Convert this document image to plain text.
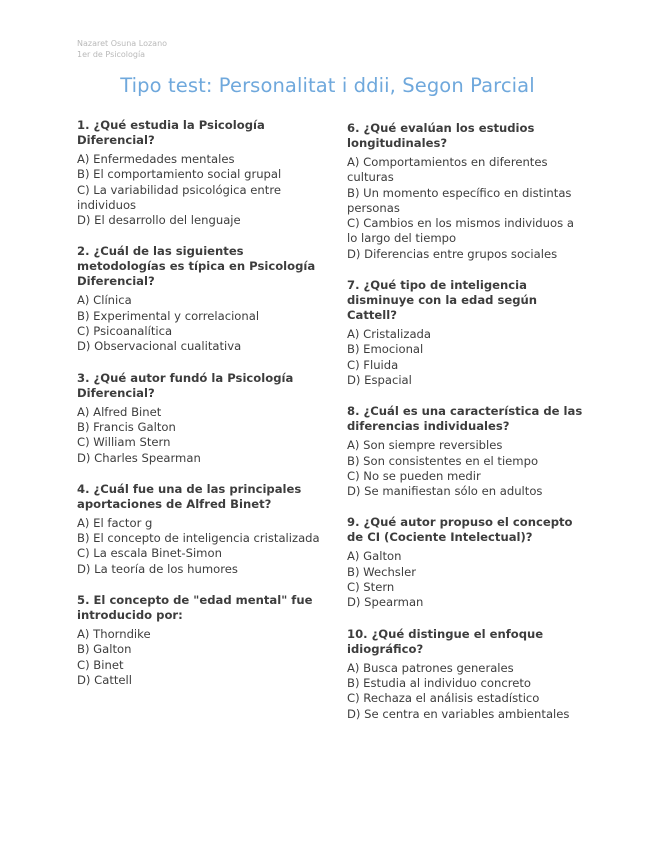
Nazaret Osuna Lozano
1er de Psicología
Tipo test: Personalitat i ddii, Segon Parcial
1. ¿Qué estudia la Psicología Diferencial?
A) Enfermedades mentales
B) El comportamiento social grupal
C) La variabilidad psicológica entre individuos
D) El desarrollo del lenguaje
2. ¿Cuál de las siguientes metodologías es típica en Psicología Diferencial?
A) Clínica
B) Experimental y correlacional
C) Psicoanalítica
D) Observacional cualitativa
3. ¿Qué autor fundó la Psicología Diferencial?
A) Alfred Binet
B) Francis Galton
C) William Stern
D) Charles Spearman
4. ¿Cuál fue una de las principales aportaciones de Alfred Binet?
A) El factor g
B) El concepto de inteligencia cristalizada
C) La escala Binet-Simon
D) La teoría de los humores
5. El concepto de "edad mental" fue introducido por:
A) Thorndike
B) Galton
C) Binet
D) Cattell
6. ¿Qué evalúan los estudios longitudinales?
A) Comportamientos en diferentes culturas
B) Un momento específico en distintas personas
C) Cambios en los mismos individuos a lo largo del tiempo
D) Diferencias entre grupos sociales
7. ¿Qué tipo de inteligencia disminuye con la edad según Cattell?
A) Cristalizada
B) Emocional
C) Fluida
D) Espacial
8. ¿Cuál es una característica de las diferencias individuales?
A) Son siempre reversibles
B) Son consistentes en el tiempo
C) No se pueden medir
D) Se manifiestan sólo en adultos
9. ¿Qué autor propuso el concepto de CI (Cociente Intelectual)?
A) Galton
B) Wechsler
C) Stern
D) Spearman
10. ¿Qué distingue el enfoque idiográfico?
A) Busca patrones generales
B) Estudia al individuo concreto
C) Rechaza el análisis estadístico
D) Se centra en variables ambientales
